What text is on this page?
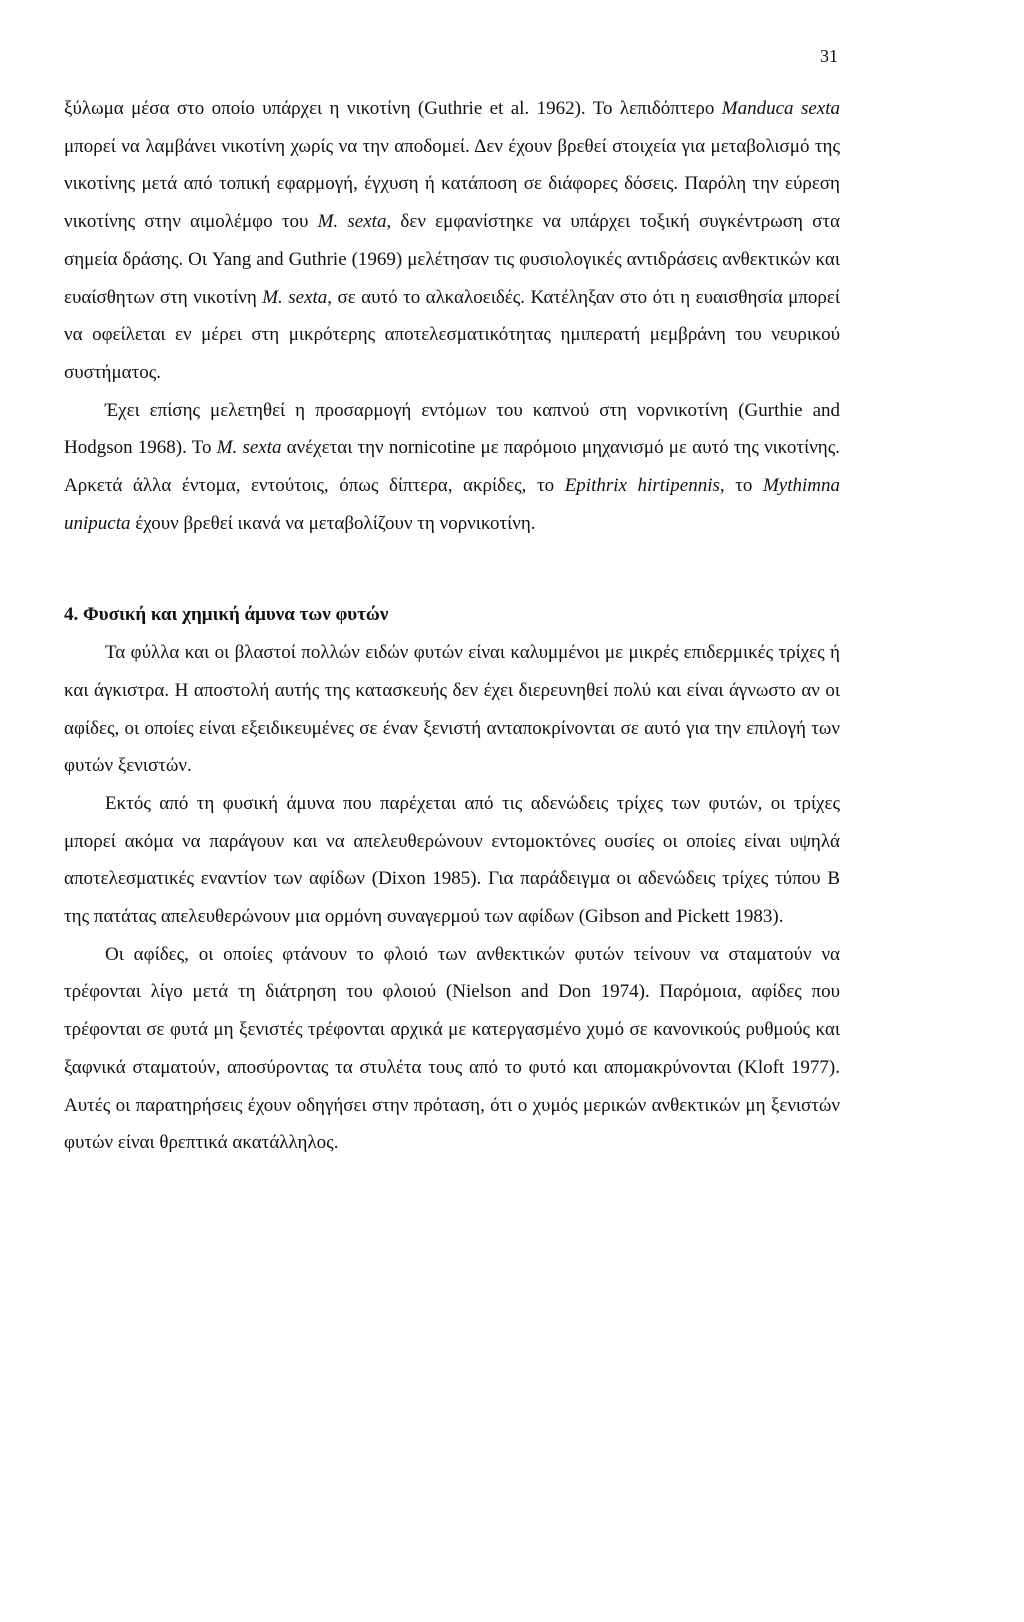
31

ξύλωμα μέσα στο οποίο υπάρχει η νικοτίνη (Guthrie et al. 1962). Το λεπιδόπτερο Manduca sexta μπορεί να λαμβάνει νικοτίνη χωρίς να την αποδομεί. Δεν έχουν βρεθεί στοιχεία για μεταβολισμό της νικοτίνης μετά από τοπική εφαρμογή, έγχυση ή κατάποση σε διάφορες δόσεις. Παρόλη την εύρεση νικοτίνης στην αιμολέμφο του M. sexta, δεν εμφανίστηκε να υπάρχει τοξική συγκέντρωση στα σημεία δράσης. Οι Yang and Guthrie (1969) μελέτησαν τις φυσιολογικές αντιδράσεις ανθεκτικών και ευαίσθητων στη νικοτίνη M. sexta, σε αυτό το αλκαλοειδές. Κατέληξαν στο ότι η ευαισθησία μπορεί να οφείλεται εν μέρει στη μικρότερης αποτελεσματικότητας ημιπερατή μεμβράνη του νευρικού συστήματος.

Έχει επίσης μελετηθεί η προσαρμογή εντόμων του καπνού στη νορνικοτίνη (Gurthie and Hodgson 1968). Το M. sexta ανέχεται την nornicotine με παρόμοιο μηχανισμό με αυτό της νικοτίνης. Αρκετά άλλα έντομα, εντούτοις, όπως δίπτερα, ακρίδες, το Epithrix hirtipennis, το Mythimna unipucta έχουν βρεθεί ικανά να μεταβολίζουν τη νορνικοτίνη.

4. Φυσική και χημική άμυνα των φυτών

Τα φύλλα και οι βλαστοί πολλών ειδών φυτών είναι καλυμμένοι με μικρές επιδερμικές τρίχες ή και άγκιστρα. Η αποστολή αυτής της κατασκευής δεν έχει διερευνηθεί πολύ και είναι άγνωστο αν οι αφίδες, οι οποίες είναι εξειδικευμένες σε έναν ξενιστή ανταποκρίνονται σε αυτό για την επιλογή των φυτών ξενιστών.

Εκτός από τη φυσική άμυνα που παρέχεται από τις αδενώδεις τρίχες των φυτών, οι τρίχες μπορεί ακόμα να παράγουν και να απελευθερώνουν εντομοκτόνες ουσίες οι οποίες είναι υψηλά αποτελεσματικές εναντίον των αφίδων (Dixon 1985). Για παράδειγμα οι αδενώδεις τρίχες τύπου Β της πατάτας απελευθερώνουν μια ορμόνη συναγερμού των αφίδων (Gibson and Pickett 1983).

Οι αφίδες, οι οποίες φτάνουν το φλοιό των ανθεκτικών φυτών τείνουν να σταματούν να τρέφονται λίγο μετά τη διάτρηση του φλοιού (Nielson and Don 1974). Παρόμοια, αφίδες που τρέφονται σε φυτά μη ξενιστές τρέφονται αρχικά με κατεργασμένο χυμό σε κανονικούς ρυθμούς και ξαφνικά σταματούν, αποσύροντας τα στυλέτα τους από το φυτό και απομακρύνονται (Kloft 1977). Αυτές οι παρατηρήσεις έχουν οδηγήσει στην πρόταση, ότι ο χυμός μερικών ανθεκτικών μη ξενιστών φυτών είναι θρεπτικά ακατάλληλος.
